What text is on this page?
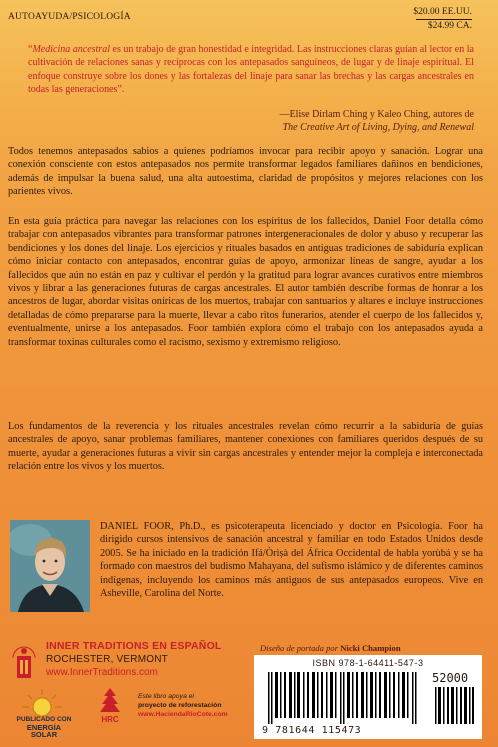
AUTOAYUDA/PSICOLOGÍA	$20.00 EE.UU.
$24.99 CA.
“Medicina ancestral es un trabajo de gran honestidad e integridad. Las instrucciones claras guían al lector en la cultivación de relaciones sanas y recíprocas con los antepasados sanguíneos, de lugar y de linaje espiritual. El enfoque construye sobre los dones y las fortalezas del linaje para sanar las brechas y las cargas ancestrales en todas las generaciones”.
—Elise Dirlam Ching y Kaleo Ching, autores de
The Creative Art of Living, Dying, and Renewal
Todos tenemos antepasados sabios a quienes podríamos invocar para recibir apoyo y sanación. Lograr una conexión consciente con estos antepasados nos permite transformar legados familiares dañinos en bendiciones, además de impulsar la buena salud, una alta autoestima, claridad de propósitos y mejores relaciones con los parientes vivos.
En esta guía práctica para navegar las relaciones con los espíritus de los fallecidos, Daniel Foor detalla cómo trabajar con antepasados vibrantes para transformar patrones intergeneracionales de dolor y abuso y recuperar las bendiciones y los dones del linaje. Los ejercicios y rituales basados en antiguas tradiciones de sabiduría explican cómo iniciar contacto con antepasados, encontrar guías de apoyo, armonizar líneas de sangre, ayudar a los fallecidos que aún no están en paz y cultivar el perdón y la gratitud para lograr avances curativos entre miembros vivos y librar a las generaciones futuras de cargas ancestrales. El autor también describe formas de honrar a los ancestros de lugar, abordar visitas oníricas de los muertos, trabajar con santuarios y altares e incluye instrucciones detalladas de cómo prepararse para la muerte, llevar a cabo ritos funerarios, atender el cuerpo de los fallecidos y, eventualmente, unirse a los antepasados. Foor también explora cómo el trabajo con los antepasados ayuda a transformar toxinas culturales como el racismo, sexismo y extremismo religioso.
Los fundamentos de la reverencia y los rituales ancestrales revelan cómo recurrir a la sabiduría de guías ancestrales de apoyo, sanar problemas familiares, mantener conexiones con familiares queridos después de su muerte, ayudar a generaciones futuras a vivir sin cargas ancestrales y entender mejor la compleja e interconectada relación entre los vivos y los muertos.
DANIEL FOOR, Ph.D., es psicoterapeuta licenciado y doctor en Psicología. Foor ha dirigido cursos intensivos de sanación ancestral y familiar en todo Estados Unidos desde 2005. Se ha iniciado en la tradición Ifá/Òrìṣà del África Occidental de habla yorùbá y se ha formado con maestros del budismo Mahayana, del sufismo islámico y de diferentes caminos indígenas, incluyendo los caminos más antiguos de sus antepasados europeos. Vive en Asheville, Carolina del Norte.
INNER TRADITIONS EN ESPAÑOL
ROCHESTER, VERMONT
www.InnerTraditions.com
Diseño de portada por Nicki Champion
PUBLICADO CON
ENERGÍA SOLAR
HRC
Este libro apoya el
proyecto de reforestación
www.HaciendaRioCote.com
ISBN 978-1-64411-547-3
52000
9 781644 115473
